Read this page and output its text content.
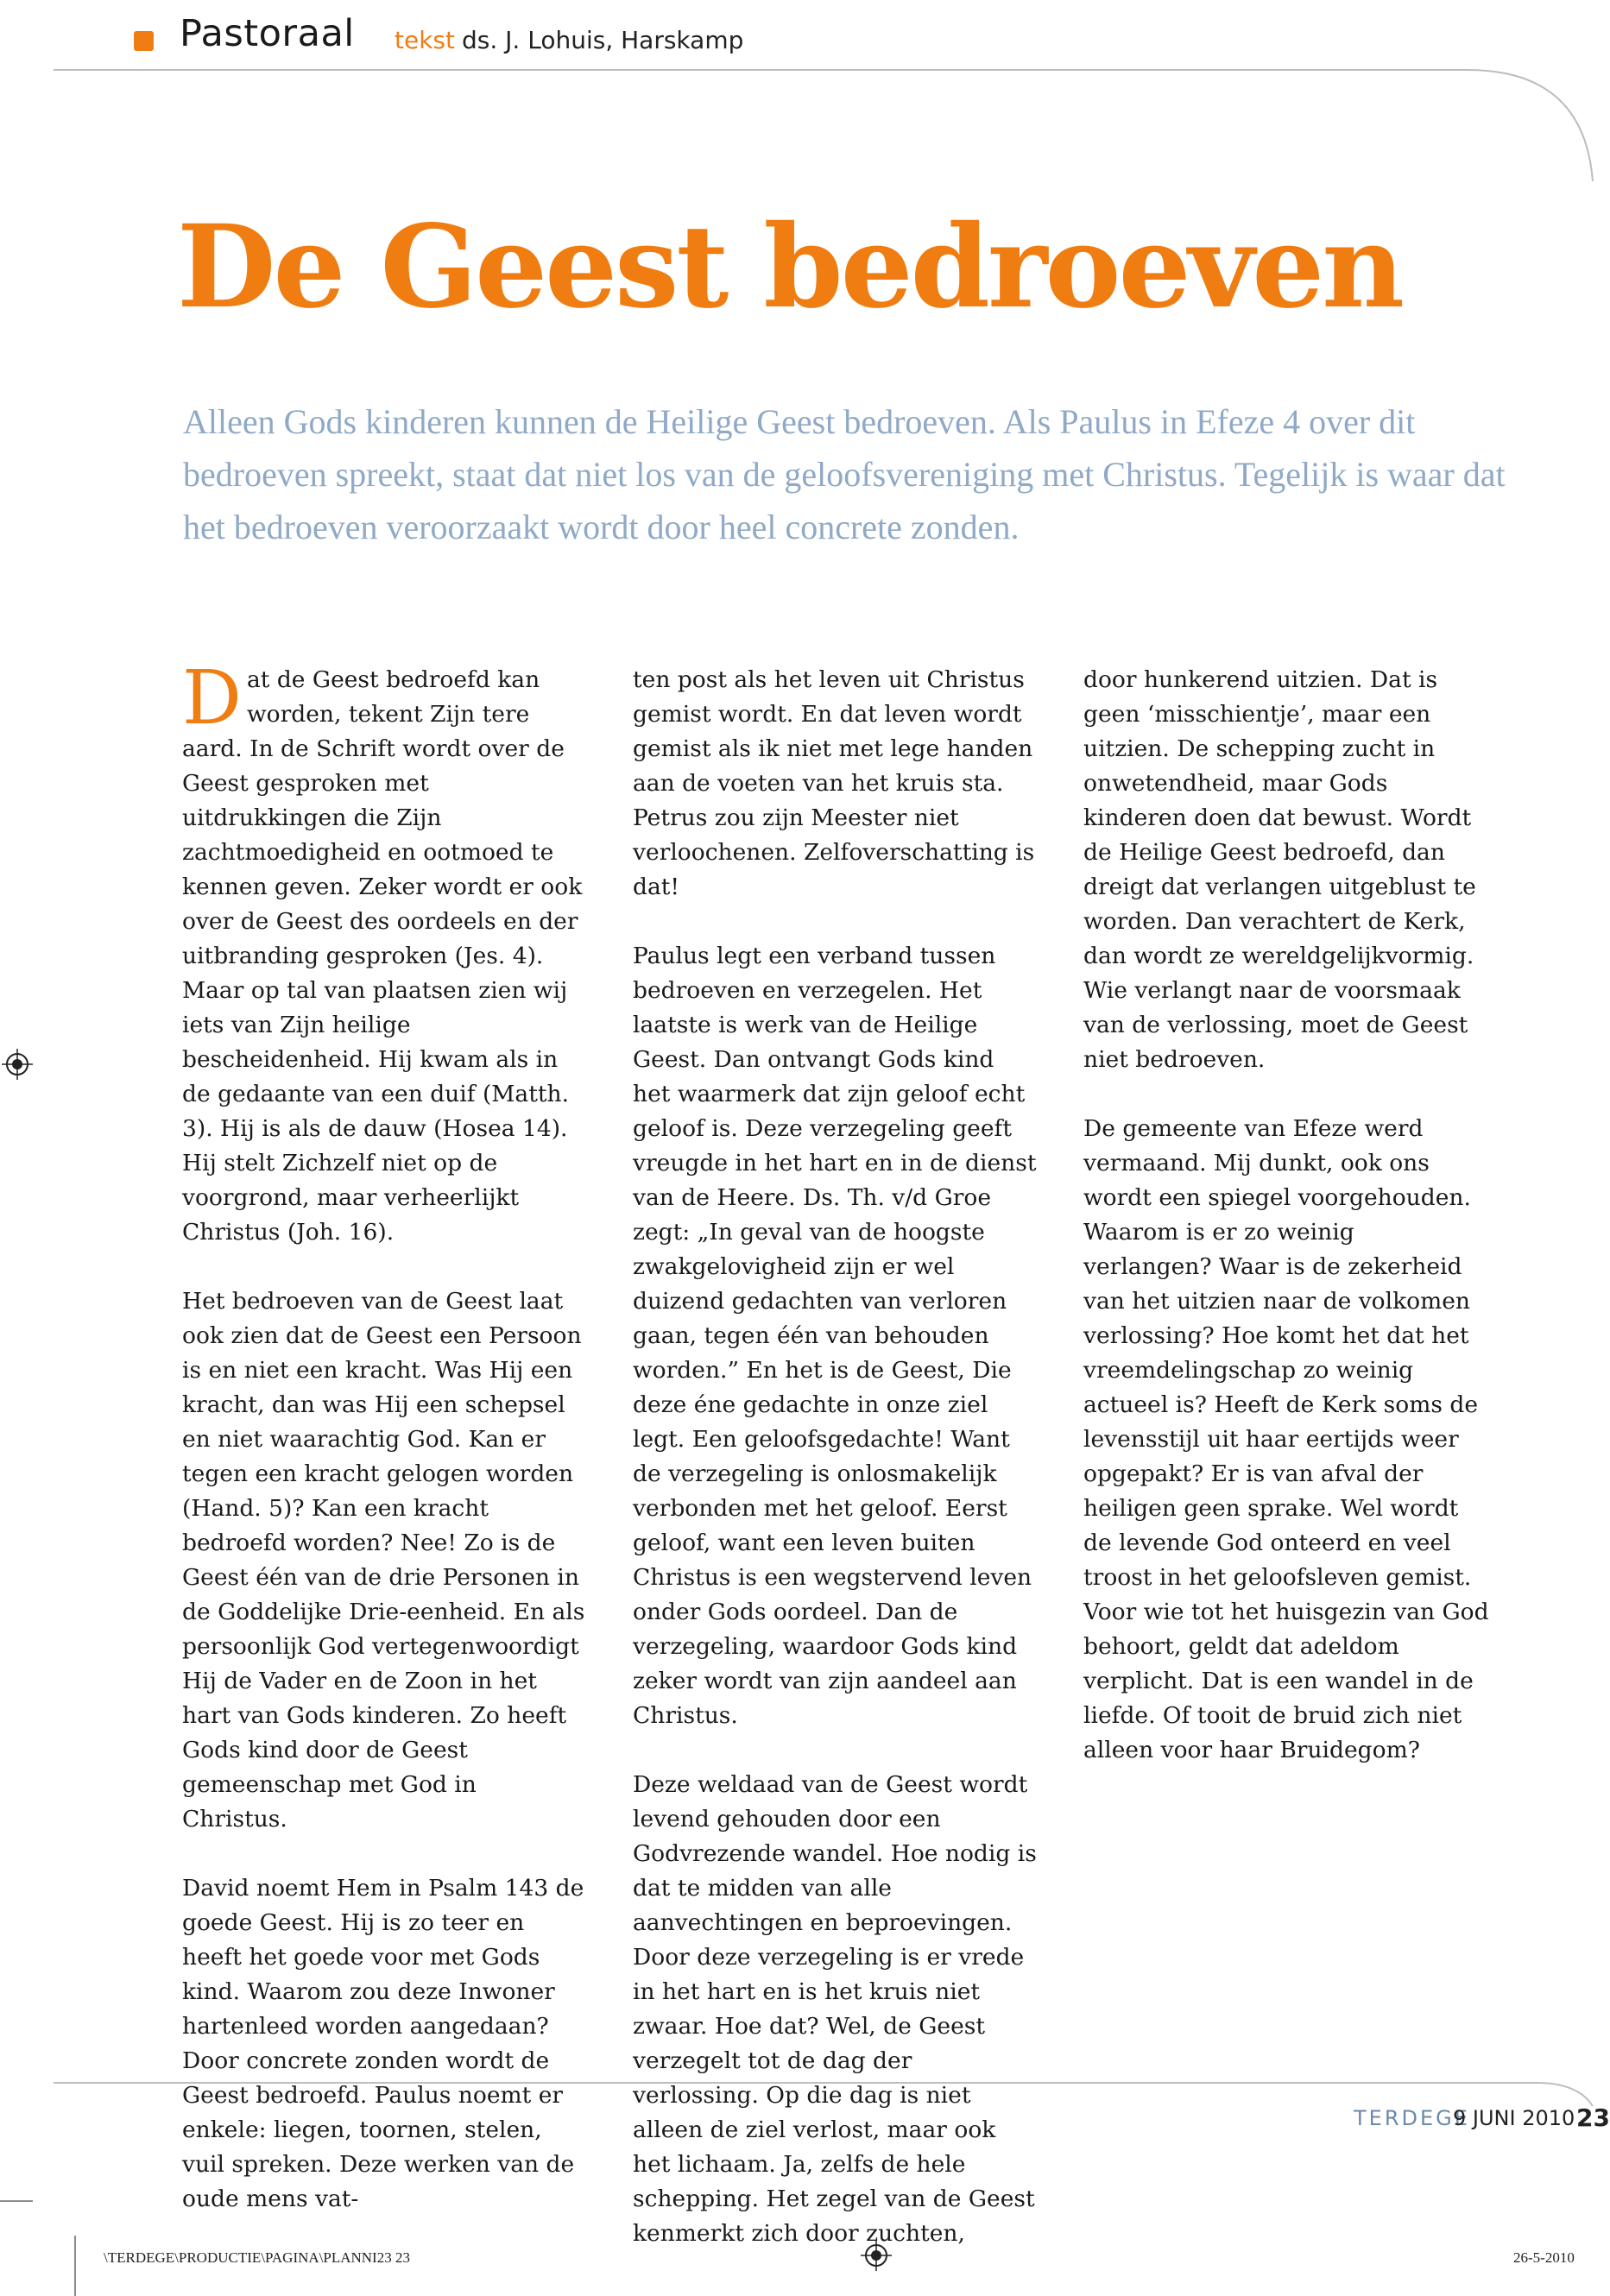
Pastoraal tekst ds. J. Lohuis, Harskamp
De Geest bedroeven

Alleen Gods kinderen kunnen de Heilige Geest bedroeven. Als Paulus in Efeze 4 over dit bedroeven spreekt, staat dat niet los van de geloofsvereniging met Christus. Tegelijk is waar dat het bedroeven veroorzaakt wordt door heel concrete zonden.

Dat de Geest bedroefd kan worden, tekent Zijn tere aard. In de Schrift wordt over de Geest gesproken met uitdrukkingen die Zijn zachtmoedigheid en ootmoed te kennen geven. Zeker wordt er ook over de Geest des oordeels en der uitbranding gesproken (Jes. 4). Maar op tal van plaatsen zien wij iets van Zijn heilige bescheidenheid. Hij kwam als in de gedaante van een duif (Matth. 3). Hij is als de dauw (Hosea 14). Hij stelt Zichzelf niet op de voorgrond, maar verheerlijkt Christus (Joh. 16).

Het bedroeven van de Geest laat ook zien dat de Geest een Persoon is en niet een kracht. Was Hij een kracht, dan was Hij een schepsel en niet waarachtig God. Kan er tegen een kracht gelogen worden (Hand. 5)? Kan een kracht bedroefd worden? Nee! Zo is de Geest één van de drie Personen in de Goddelijke Drie-eenheid. En als persoonlijk God vertegenwoordigt Hij de Vader en de Zoon in het hart van Gods kinderen. Zo heeft Gods kind door de Geest gemeenschap met God in Christus.

David noemt Hem in Psalm 143 de goede Geest. Hij is zo teer en heeft het goede voor met Gods kind. Waarom zou deze Inwoner hartenleed worden aangedaan? Door concrete zonden wordt de Geest bedroefd. Paulus noemt er enkele: liegen, toornen, stelen, vuil spreken. Deze werken van de oude mens vat-

ten post als het leven uit Christus gemist wordt. En dat leven wordt gemist als ik niet met lege handen aan de voeten van het kruis sta. Petrus zou zijn Meester niet verloochenen. Zelfoverschatting is dat!

Paulus legt een verband tussen bedroeven en verzegelen. Het laatste is werk van de Heilige Geest. Dan ontvangt Gods kind het waarmerk dat zijn geloof echt geloof is. Deze verzegeling geeft vreugde in het hart en in de dienst van de Heere. Ds. Th. v/d Groe zegt: „In geval van de hoogste zwakgelovigheid zijn er wel duizend gedachten van verloren gaan, tegen één van behouden worden.” En het is de Geest, Die deze éne gedachte in onze ziel legt. Een geloofsgedachte! Want de verzegeling is onlosmakelijk verbonden met het geloof. Eerst geloof, want een leven buiten Christus is een wegstervend leven onder Gods oordeel. Dan de verzegeling, waardoor Gods kind zeker wordt van zijn aandeel aan Christus.

Deze weldaad van de Geest wordt levend gehouden door een Godvrezende wandel. Hoe nodig is dat te midden van alle aanvechtingen en beproevingen. Door deze verzegeling is er vrede in het hart en is het kruis niet zwaar. Hoe dat? Wel, de Geest verzegelt tot de dag der verlossing. Op die dag is niet alleen de ziel verlost, maar ook het lichaam. Ja, zelfs de hele schepping. Het zegel van de Geest kenmerkt zich door zuchten,

door hunkerend uitzien. Dat is geen ‘misschientje’, maar een uitzien. De schepping zucht in onwetendheid, maar Gods kinderen doen dat bewust. Wordt de Heilige Geest bedroefd, dan dreigt dat verlangen uitgeblust te worden. Dan verachtert de Kerk, dan wordt ze wereldgelijkvormig. Wie verlangt naar de voorsmaak van de verlossing, moet de Geest niet bedroeven.

De gemeente van Efeze werd vermaand. Mij dunkt, ook ons wordt een spiegel voorgehouden. Waarom is er zo weinig verlangen? Waar is de zekerheid van het uitzien naar de volkomen verlossing? Hoe komt het dat het vreemdelingschap zo weinig actueel is? Heeft de Kerk soms de levensstijl uit haar eertijds weer opgepakt? Er is van afval der heiligen geen sprake. Wel wordt de levende God onteerd en veel troost in het geloofsleven gemist. Voor wie tot het huisgezin van God behoort, geldt dat adeldom verplicht. Dat is een wandel in de liefde. Of tooit de bruid zich niet alleen voor haar Bruidegom?

TERDEGE
9 JUNI 2010 23
\TERDEGE\PRODUCTIE\PAGINA\PLANNI23 23	26-5-2010
